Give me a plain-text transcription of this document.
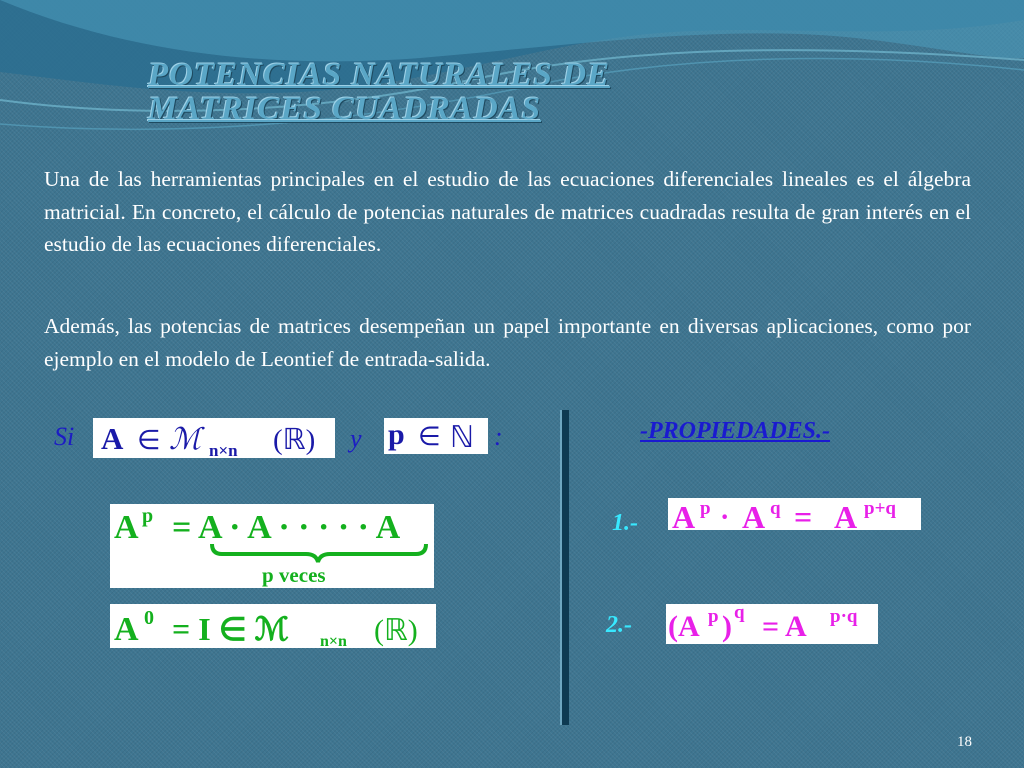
POTENCIAS NATURALES DE
MATRICES CUADRADAS

Una de las herramientas principales en el estudio de las ecuaciones diferenciales lineales es el álgebra matricial. En concreto, el cálculo de potencias naturales de matrices cuadradas resulta de gran interés en el estudio de las ecuaciones diferenciales.

Además, las potencias de matrices desempeñan un papel importante en diversas aplicaciones, como por ejemplo en el modelo de Leontief de entrada-salida.

Si A ∈ ℳ n×n (ℝ) y p ∈ ℕ :
A p = A · A · · · · · A
p veces
A 0 = I ∈ ℳ n×n (ℝ)
-PROPIEDADES.-
1.- A p · A q = A p+q
2.- (A p ) q = A p·q
18
